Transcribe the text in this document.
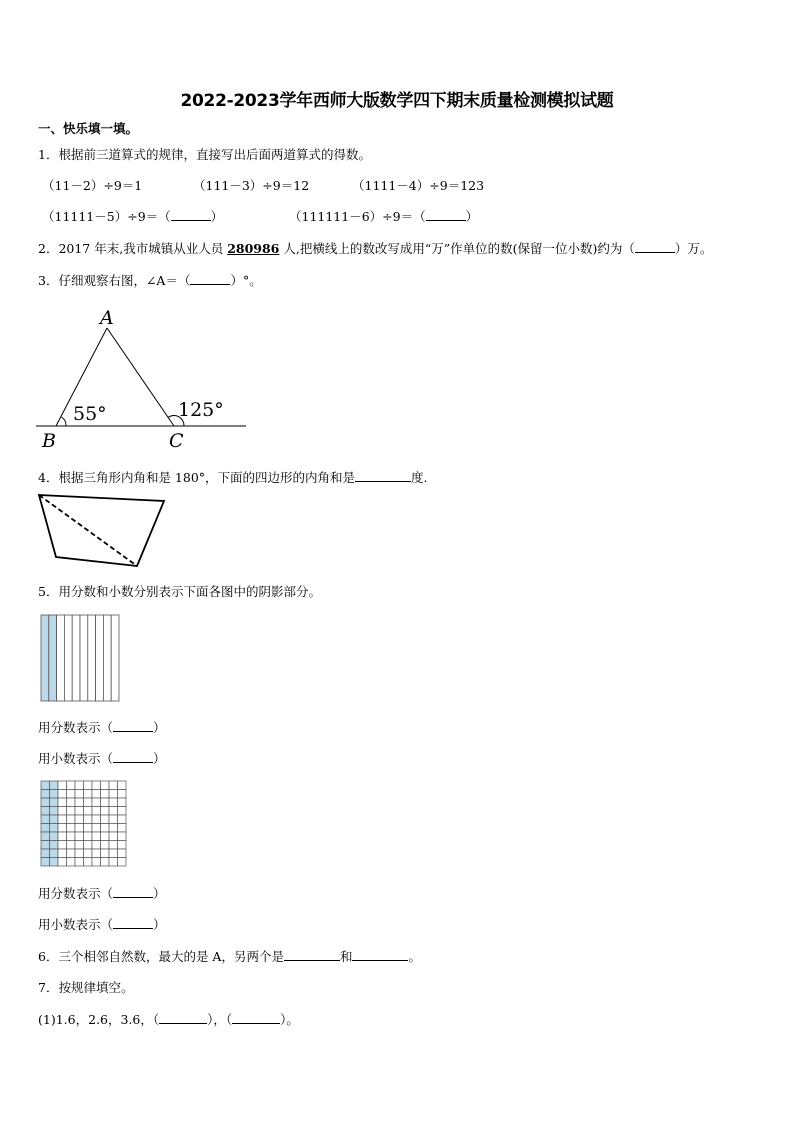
2022-2023学年西师大版数学四下期末质量检测模拟试题
一、快乐填一填。
1．根据前三道算式的规律，直接写出后面两道算式的得数。
（11－2）÷9＝1	（111－3）÷9＝12	（1111－4）÷9＝123
（11111－5）÷9＝（	）	（111111－6）÷9＝（	）
2．2017 年末,我市城镇从业人员 280986 人,把横线上的数改写成用“万”作单位的数(保留一位小数)约为（	）万。
3．仔细观察右图，∠A＝（	）°。
A
B	C
55°	125°
4．根据三角形内角和是 180°，下面的四边形的内角和是	度.
5．用分数和小数分别表示下面各图中的阴影部分。
用分数表示（	）
用小数表示（	）
用分数表示（	）
用小数表示（	）
6．三个相邻自然数，最大的是 A，另两个是	和	。
7．按规律填空。
(1)1.6，2.6，3.6，（	），（	）。
